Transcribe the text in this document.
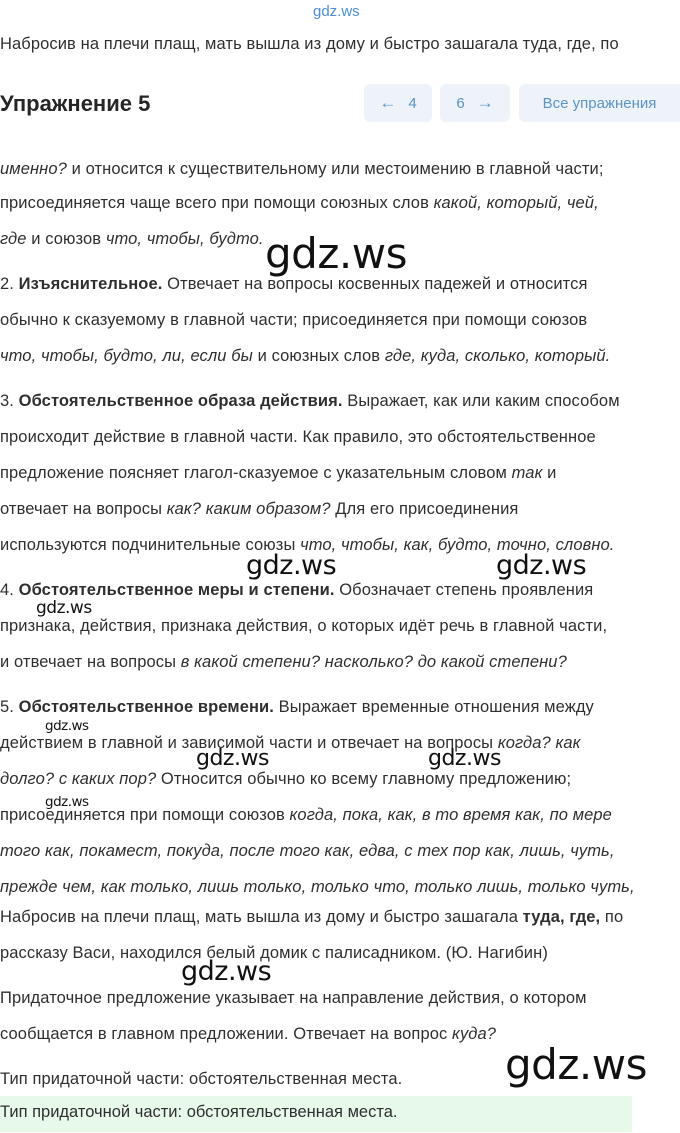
gdz.ws
Набросив на плечи плащ, мать вышла из дому и быстро зашагала туда, где, по
Упражнение 5	← 4	6 →	Все упражнения
именно? и относится к существительному или местоимению в главной части;
присоединяется чаще всего при помощи союзных слов какой, который, чей,
где и союзов что, чтобы, будто.
2. Изъяснительное. Отвечает на вопросы косвенных падежей и относится
обычно к сказуемому в главной части; присоединяется при помощи союзов
что, чтобы, будто, ли, если бы и союзных слов где, куда, сколько, который.
3. Обстоятельственное образа действия. Выражает, как или каким способом
происходит действие в главной части. Как правило, это обстоятельственное
предложение поясняет глагол-сказуемое с указательным словом так и
отвечает на вопросы как? каким образом? Для его присоединения
используются подчинительные союзы что, чтобы, как, будто, точно, словно.
4. Обстоятельственное меры и степени. Обозначает степень проявления
признака, действия, признака действия, о которых идёт речь в главной части,
и отвечает на вопросы в какой степени? насколько? до какой степени?
5. Обстоятельственное времени. Выражает временные отношения между
действием в главной и зависимой части и отвечает на вопросы когда? как
долго? с каких пор? Относится обычно ко всему главному предложению;
присоединяется при помощи союзов когда, пока, как, в то время как, по мере
того как, покамест, покуда, после того как, едва, с тех пор как, лишь, чуть,
прежде чем, как только, лишь только, только что, только лишь, только чуть,
Набросив на плечи плащ, мать вышла из дому и быстро зашагала туда, где, по
рассказу Васи, находился белый домик с палисадником. (Ю. Нагибин)
Придаточное предложение указывает на направление действия, о котором
сообщается в главном предложении. Отвечает на вопрос куда?
Тип придаточной части: обстоятельственная места.
Тип придаточной части: обстоятельственная места.
gdz.ws
gdz.ws	gdz.ws
gdz.ws
gdz.ws
gdz.ws	gdz.ws
gdz.ws
gdz.ws
gdz.ws
